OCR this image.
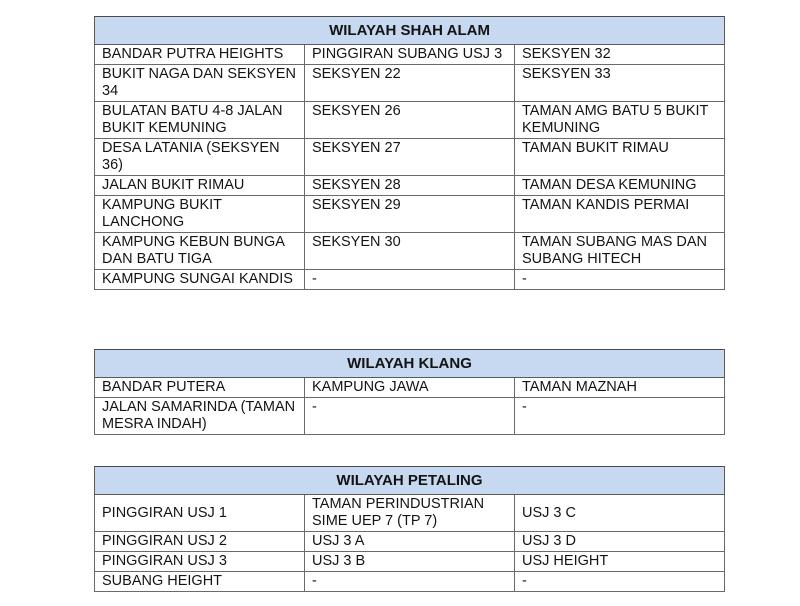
WILAYAH SHAH ALAM		
BANDAR PUTRA HEIGHTS	PINGGIRAN SUBANG USJ 3	SEKSYEN 32
BUKIT NAGA DAN SEKSYEN 34	SEKSYEN 22	SEKSYEN 33
BULATAN BATU 4-8 JALAN BUKIT KEMUNING	SEKSYEN 26	TAMAN AMG BATU 5 BUKIT KEMUNING
DESA LATANIA (SEKSYEN 36)	SEKSYEN 27	TAMAN BUKIT RIMAU
JALAN BUKIT RIMAU	SEKSYEN 28	TAMAN DESA KEMUNING
KAMPUNG BUKIT LANCHONG	SEKSYEN 29	TAMAN KANDIS PERMAI
KAMPUNG KEBUN BUNGA DAN BATU TIGA	SEKSYEN 30	TAMAN SUBANG MAS DAN SUBANG HITECH
KAMPUNG SUNGAI KANDIS	-	-
WILAYAH KLANG		
BANDAR PUTERA	KAMPUNG JAWA	TAMAN MAZNAH
JALAN SAMARINDA (TAMAN MESRA INDAH)	-	-
WILAYAH PETALING		
PINGGIRAN USJ 1	TAMAN PERINDUSTRIAN SIME UEP 7 (TP 7)	USJ 3 C
PINGGIRAN USJ 2	USJ 3 A	USJ 3 D
PINGGIRAN USJ 3	USJ 3 B	USJ HEIGHT
SUBANG HEIGHT	-	-
